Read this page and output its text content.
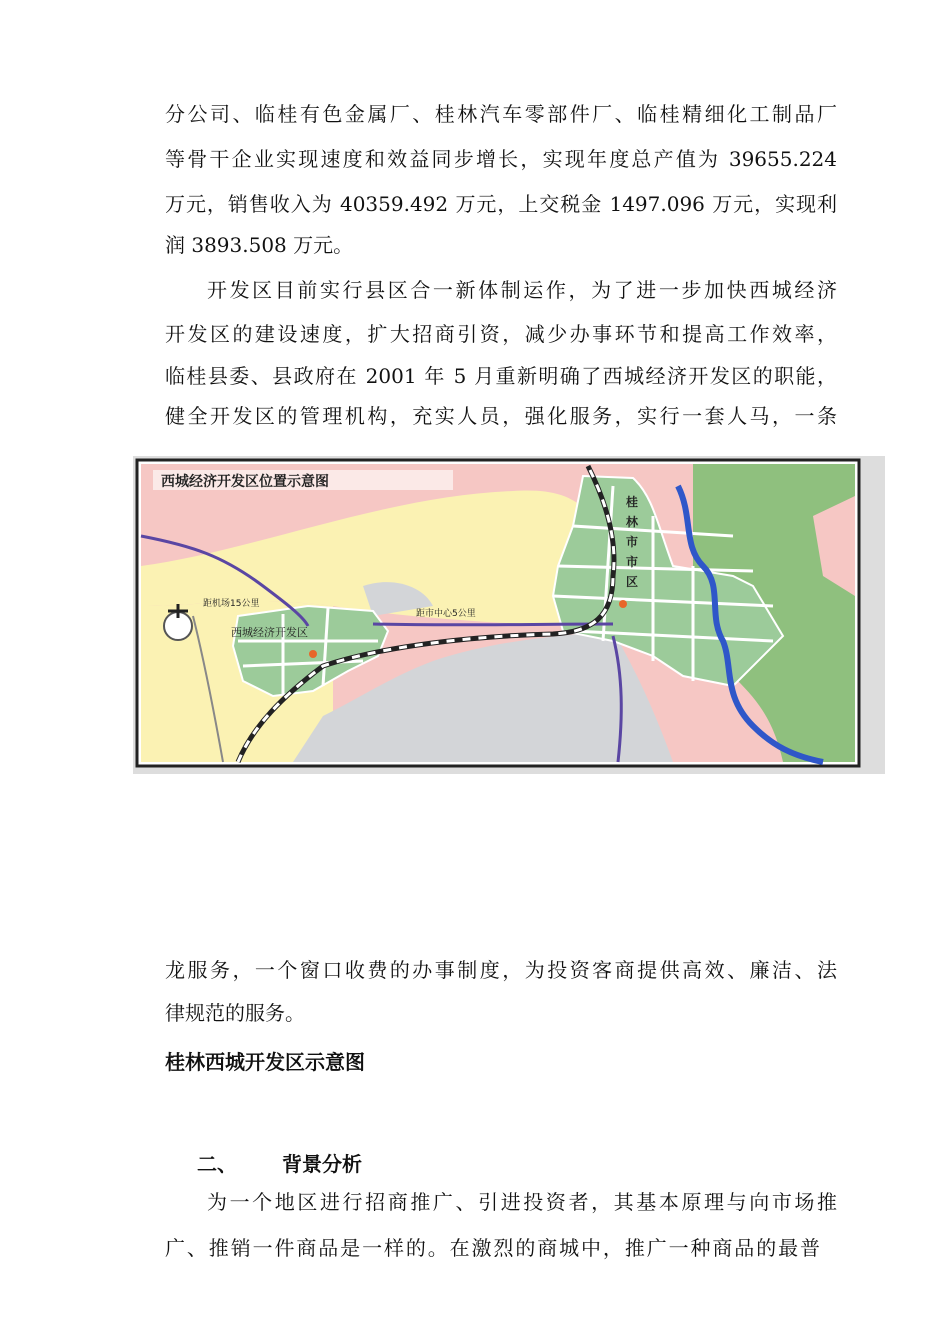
分公司、临桂有色金属厂、桂林汽车零部件厂、临桂精细化工制品厂
等骨干企业实现速度和效益同步增长，实现年度总产值为 39655.224
万元，销售收入为 40359.492 万元，上交税金 1497.096 万元，实现利
润 3893.508 万元。
开发区目前实行县区合一新体制运作，为了进一步加快西城经济
开发区的建设速度，扩大招商引资，减少办事环节和提高工作效率，
临桂县委、县政府在 2001 年 5 月重新明确了西城经济开发区的职能，
健全开发区的管理机构，充实人员，强化服务，实行一套人马，一条
西城经济开发区位置示意图
西城经济开发区
距机场15公里
距市中心5公里
桂
林
市
市
区
龙服务，一个窗口收费的办事制度，为投资客商提供高效、廉洁、法
律规范的服务。
桂林西城开发区示意图
二、 背景分析
为一个地区进行招商推广、引进投资者，其基本原理与向市场推
广、推销一件商品是一样的。在激烈的商城中，推广一种商品的最普
